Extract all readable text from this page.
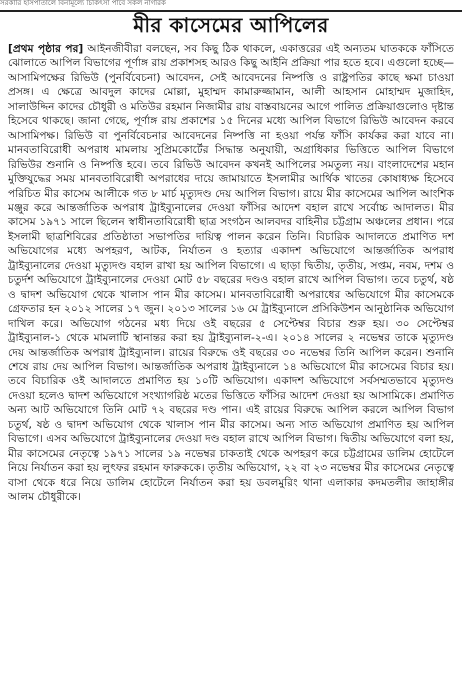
সরকারি হাসপাতালে বিনামূল্যে চিকিৎসা পাবে সকল নাগরিক
মীর কাসেমের আপিলের

[প্রথম পৃষ্ঠার পর] আইনজীবীরা বলছেন, সব কিছু ঠিক থাকলে, একাত্তরের এই অন্যতম ঘাতককে ফাঁসিতে ঝোলাতে আপিল বিভাগের পূর্ণাঙ্গ রায় প্রকাশসহ আরও কিছু আইনি প্রক্রিয়া পার হতে হবে। এগুলো হচ্ছে— আসামিপক্ষের রিভিউ (পুনর্বিবেচনা) আবেদন, সেই আবেদনের নিষ্পত্তি ও রাষ্ট্রপতির কাছে ক্ষমা চাওয়া প্রসঙ্গ। এ ক্ষেত্রে আবদুল কাদের মোল্লা, মুহাম্মদ কামারুজ্জামান, আলী আহসান মোহাম্মদ মুজাহিদ, সালাউদ্দিন কাদের চৌধুরী ও মতিউর রহমান নিজামীর রায় বাস্তবায়নের আগে পালিত প্রক্রিয়াগুলোও দৃষ্টান্ত হিসেবে থাকছে। জানা গেছে, পূর্ণাঙ্গ রায় প্রকাশের ১৫ দিনের মধ্যে আপিল বিভাগে রিভিউ আবেদন করবে আসামিপক্ষ। রিভিউ বা পুনর্বিবেচনার আবেদনের নিষ্পত্তি না হওয়া পর্যন্ত ফাঁসি কার্যকর করা যাবে না। মানবতাবিরোধী অপরাধ মামলায় সুপ্রিমকোর্টের সিদ্ধান্ত অনুযায়ী, অগ্রাধিকার ভিত্তিতে আপিল বিভাগে রিভিউর শুনানি ও নিষ্পত্তি হবে। তবে রিভিউ আবেদন কখনই আপিলের সমতুল্য নয়। বাংলাদেশের মহান মুক্তিযুদ্ধের সময় মানবতাবিরোধী অপরাধের দায়ে জামায়াতে ইসলামীর আর্থিক খাতের কোষাধ্যক্ষ হিসেবে পরিচিত মীর কাসেম আলীকে গত ৮ মার্চ মৃত্যুদণ্ড দেয় আপিল বিভাগ। রায়ে মীর কাসেমের আপিল আংশিক মঞ্জুর করে আন্তর্জাতিক অপরাধ ট্রাইব্যুনালের দেওয়া ফাঁসির আদেশ বহাল রাখে সর্বোচ্চ আদালত। মীর কাসেম ১৯৭১ সালে ছিলেন স্বাধীনতাবিরোধী ছাত্র সংগঠন আলবদর বাহিনীর চট্টগ্রাম অঞ্চলের প্রধান। পরে ইসলামী ছাত্রশিবিরের প্রতিষ্ঠাতা সভাপতির দায়িত্ব পালন করেন তিনি। বিচারিক আদালতে প্রমাণিত দশ অভিযোগের মধ্যে অপহরণ, আটক, নির্যাতন ও হত্যার একাদশ অভিযোগে আন্তর্জাতিক অপরাধ ট্রাইব্যুনালের দেওয়া মৃত্যুদণ্ড বহাল রাখা হয় আপিল বিভাগে। এ ছাড়া দ্বিতীয়, তৃতীয়, সপ্তম, নবম, দশম ও চতুর্দশ অভিযোগে ট্রাইব্যুনালের দেওয়া মোট ৫৮ বছরের দণ্ডও বহাল রাখে আপিল বিভাগ। তবে চতুর্থ, ষষ্ঠ ও দ্বাদশ অভিযোগ থেকে খালাস পান মীর কাসেম। মানবতাবিরোধী অপরাধের অভিযোগে মীর কাসেমকে গ্রেফতার হন ২০১২ সালের ১৭ জুন। ২০১৩ সালের ১৬ মে ট্রাইব্যুনালে প্রসিকিউশন আনুষ্ঠানিক অভিযোগ দাখিল করে। অভিযোগ গঠনের মধ্য দিয়ে ওই বছরের ৫ সেপ্টেম্বর বিচার শুরু হয়। ৩০ সেপ্টেম্বর ট্রাইব্যুনাল-১ থেকে মামলাটি স্থানান্তর করা হয় ট্রাইব্যুনাল-২-এ। ২০১৪ সালের ২ নভেম্বর তাকে মৃত্যুদণ্ড দেয় আন্তর্জাতিক অপরাধ ট্রাইব্যুনাল। রায়ের বিরুদ্ধে ওই বছরের ৩০ নভেম্বর তিনি আপিল করেন। শুনানি শেষে রায় দেয় আপিল বিভাগ। আন্তর্জাতিক অপরাধ ট্রাইব্যুনালে ১৪ অভিযোগে মীর কাসেমের বিচার হয়। তবে বিচারিক ওই আদালতে প্রমাণিত হয় ১০টি অভিযোগ। একাদশ অভিযোগে সর্বসম্মতভাবে মৃত্যুদণ্ড দেওয়া হলেও দ্বাদশ অভিযোগে সংখ্যাগরিষ্ঠ মতের ভিত্তিতে ফাঁসির আদেশ দেওয়া হয় আসামিকে। প্রমাণিত অন্য আট অভিযোগে তিনি মোট ৭২ বছরের দণ্ড পান। এই রায়ের বিরুদ্ধে আপিল করলে আপিল বিভাগ চতুর্থ, ষষ্ঠ ও দ্বাদশ অভিযোগ থেকে খালাস পান মীর কাসেম। অন্য সাত অভিযোগ প্রমাণিত হয় আপিল বিভাগে। এসব অভিযোগে ট্রাইব্যুনালের দেওয়া দণ্ড বহাল রাখে আপিল বিভাগ। দ্বিতীয় অভিযোগে বলা হয়, মীর কাসেমের নেতৃত্বে ১৯৭১ সালের ১৯ নভেম্বর চাকতাই থেকে অপহরণ করে চট্টগ্রামের ডালিম হোটেলে নিয়ে নির্যাতন করা হয় লুৎফর রহমান ফারুককে। তৃতীয় অভিযোগ, ২২ বা ২৩ নভেম্বর মীর কাসেমের নেতৃত্বে বাসা থেকে ধরে নিয়ে ডালিম হোটেলে নির্যাতন করা হয় ডবলমুরিং থানা এলাকার কদমতলীর জাহাঙ্গীর আলম চৌধুরীকে।
